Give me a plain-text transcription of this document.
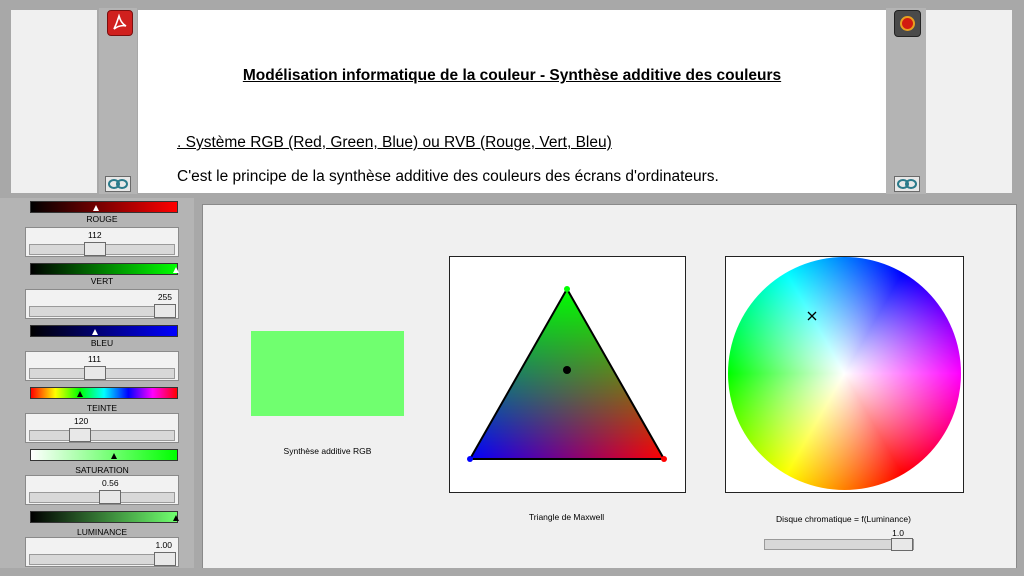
Modélisation informatique de la couleur - Synthèse additive des couleurs
. Système RGB (Red, Green, Blue) ou RVB (Rouge, Vert, Bleu)
C'est le principe de la synthèse additive des couleurs des écrans d'ordinateurs.
ROUGE
112
VERT
255
BLEU
111
TEINTE
120
SATURATION
0.56
LUMINANCE
1.00
Synthèse additive RGB
Triangle de Maxwell	Disque chromatique = f(Luminance)
1.0
